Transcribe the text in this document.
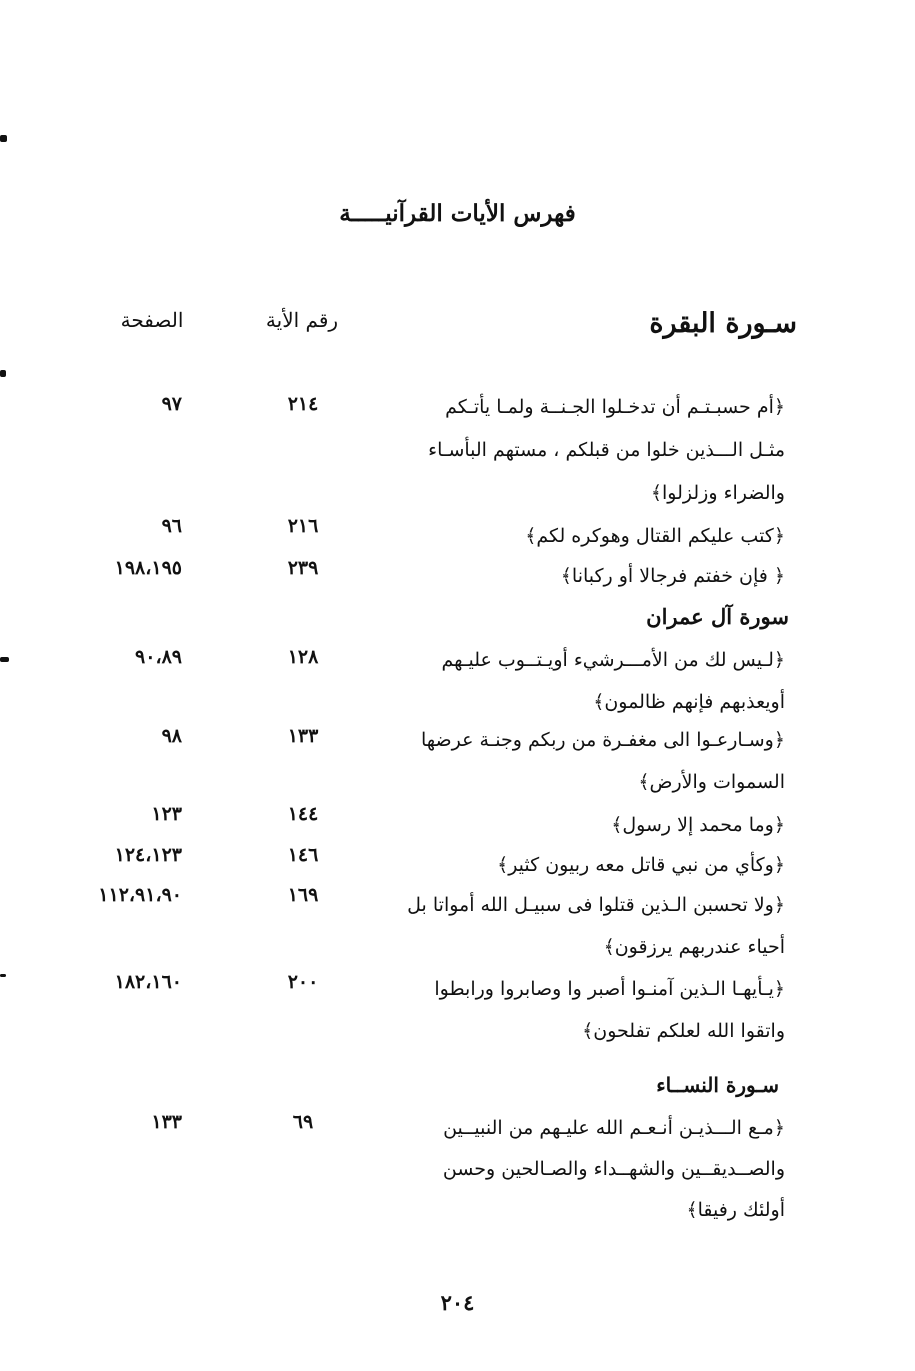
فهرس الأيات القرآنيـــــة
الصفحة	رقم الأية	سـورة البقرة
﴿أم حسبـتـم أن تدخـلوا الجـنــة ولمـا يأتـكم
مثـل الـــذين خلوا من قبلكم ، مستهم البأسـاء
والضراء وزلزلوا﴾
٢١٤
٩٧
﴿كتب عليكم القتال وهوكره لكم﴾
٢١٦
٩٦
﴿ فإن خفتم فرجالا أو ركبانا﴾
٢٣٩
١٩٨،١٩٥
سورة آل عمران
﴿لـيس لك من الأمـــرشيء أويـتــوب عليـهم
أويعذبهم فإنهم ظالمون﴾
١٢٨
٩٠،٨٩
﴿وسـارعـوا الى مغفـرة من ربكم وجنـة عرضها
السموات والأرض﴾
١٣٣
٩٨
﴿وما محمد إلا رسول﴾
١٤٤
١٢٣
﴿وكأي من نبي قاتل معه ربيون كثير﴾
١٤٦
١٢٤،١٢٣
﴿ولا تحسبن الـذين قتلوا فى سبيـل الله أمواتا بل
أحياء عندربهم يرزقون﴾
١٦٩
١١٢،٩١،٩٠
﴿يـأيهـا الـذين آمنـوا أصبر وا وصابروا ورابطوا
واتقوا الله لعلكم تفلحون﴾
٢٠٠
١٨٢،١٦٠
سـورة النســاء
﴿مـع الـــذيـن أنـعـم الله عليـهم من النبيــين
والصــديقــين والشهــداء والصـالحين وحسن
أولئك رفيقا﴾
٦٩
١٣٣
٢٠٤
